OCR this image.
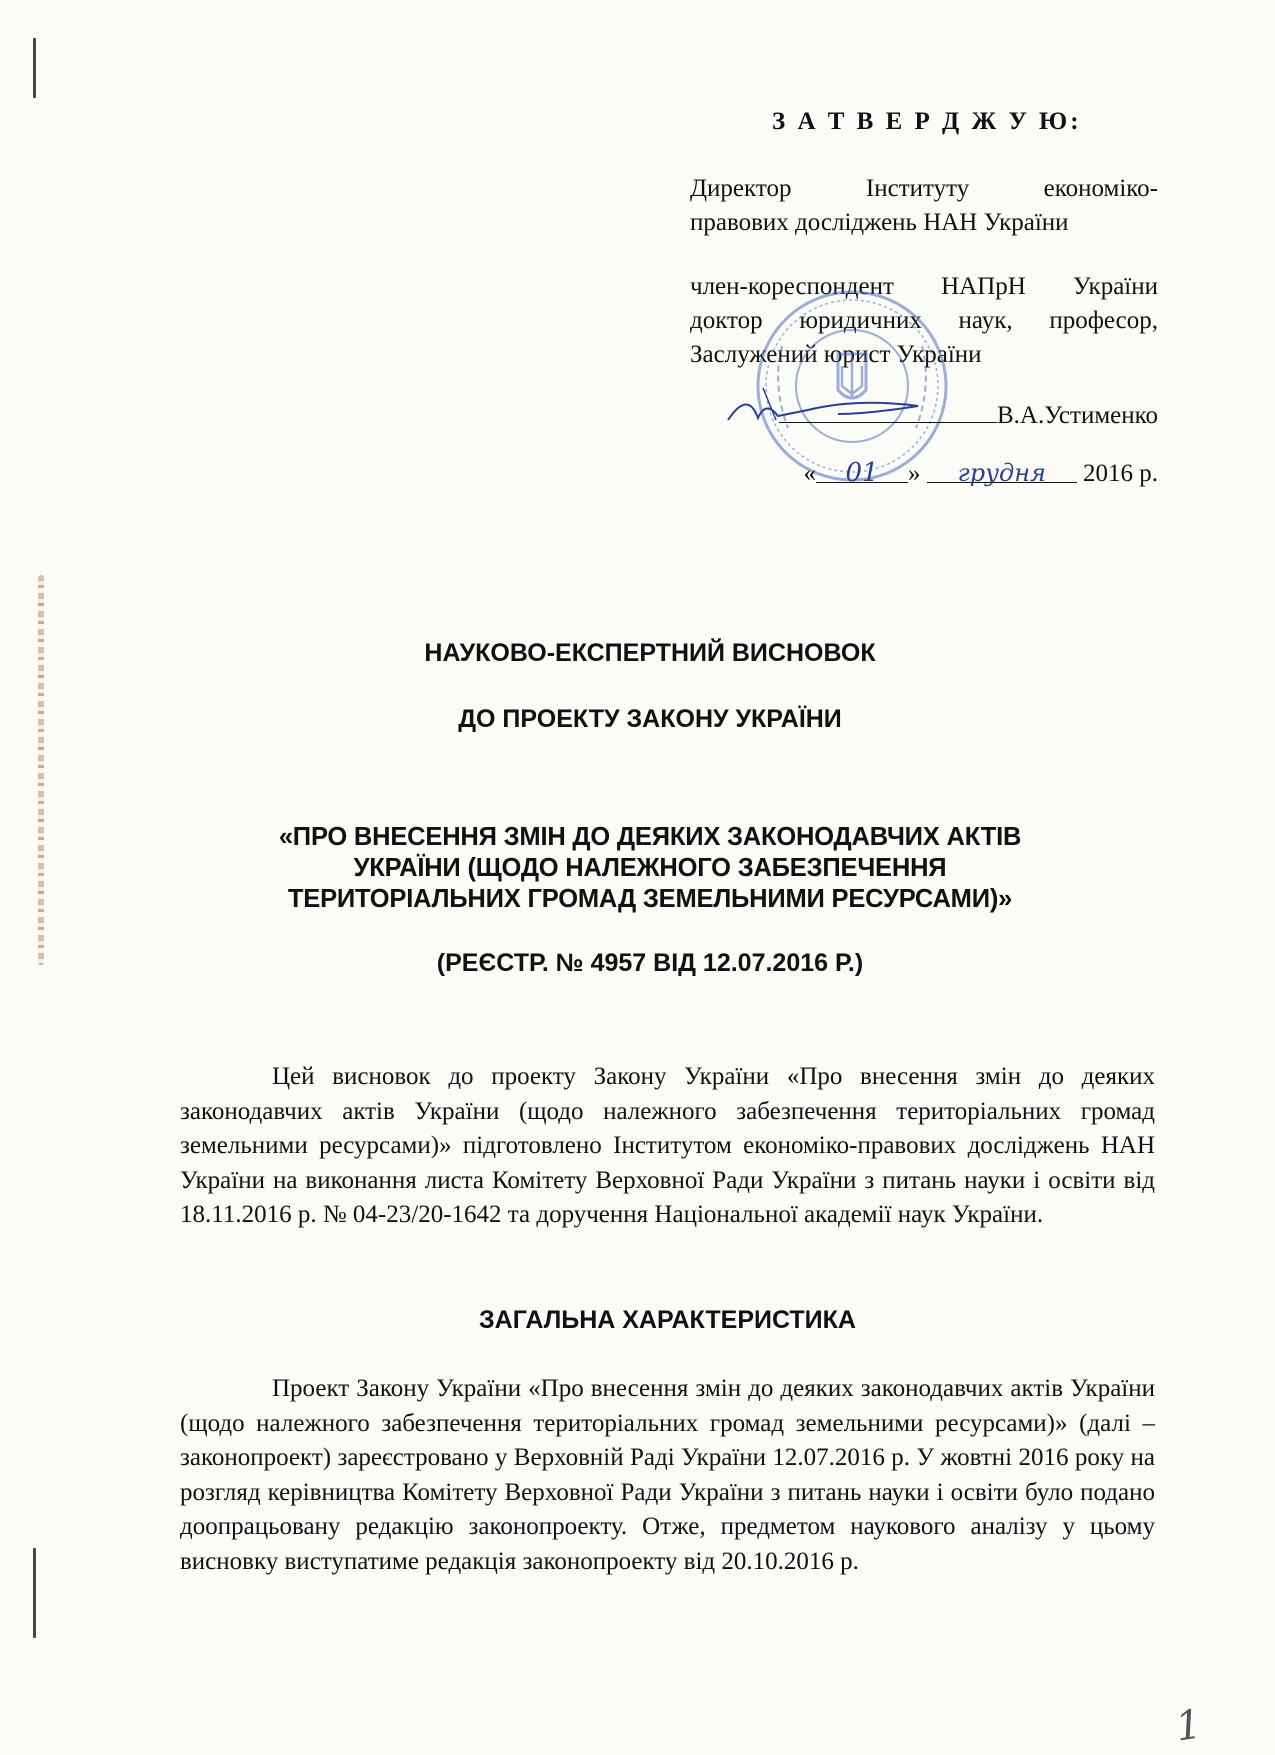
З А Т В Е Р Д Ж У Ю:

Директор Інституту економіко-

правових досліджень НАН України

член-кореспондент НАПрН України

доктор юридичних наук, професор,

Заслужений юрист України

В.А.Устименко

« 01 » грудня 2016 р.

НАУКОВО-ЕКСПЕРТНИЙ ВИСНОВОК

ДО ПРОЕКТУ ЗАКОНУ УКРАЇНИ

«ПРО ВНЕСЕННЯ ЗМІН ДО ДЕЯКИХ ЗАКОНОДАВЧИХ АКТІВ

УКРАЇНИ (ЩОДО НАЛЕЖНОГО ЗАБЕЗПЕЧЕННЯ

ТЕРИТОРІАЛЬНИХ ГРОМАД ЗЕМЕЛЬНИМИ РЕСУРСАМИ)»

(РЕЄСТР. № 4957 ВІД 12.07.2016 Р.)

Цей висновок до проекту Закону України «Про внесення змін до деяких законодавчих актів України (щодо належного забезпечення територіальних громад земельними ресурсами)» підготовлено Інститутом економіко-правових досліджень НАН України на виконання листа Комітету Верховної Ради України з питань науки і освіти від 18.11.2016 р. № 04-23/20-1642 та доручення Національної академії наук України.

ЗАГАЛЬНА ХАРАКТЕРИСТИКА

Проект Закону України «Про внесення змін до деяких законодавчих актів України (щодо належного забезпечення територіальних громад земельними ресурсами)» (далі – законопроект) зареєстровано у Верховній Раді України 12.07.2016 р. У жовтні 2016 року на розгляд керівництва Комітету Верховної Ради України з питань науки і освіти було подано доопрацьовану редакцію законопроекту. Отже, предметом наукового аналізу у цьому висновку виступатиме редакція законопроекту від 20.10.2016 р.

1
